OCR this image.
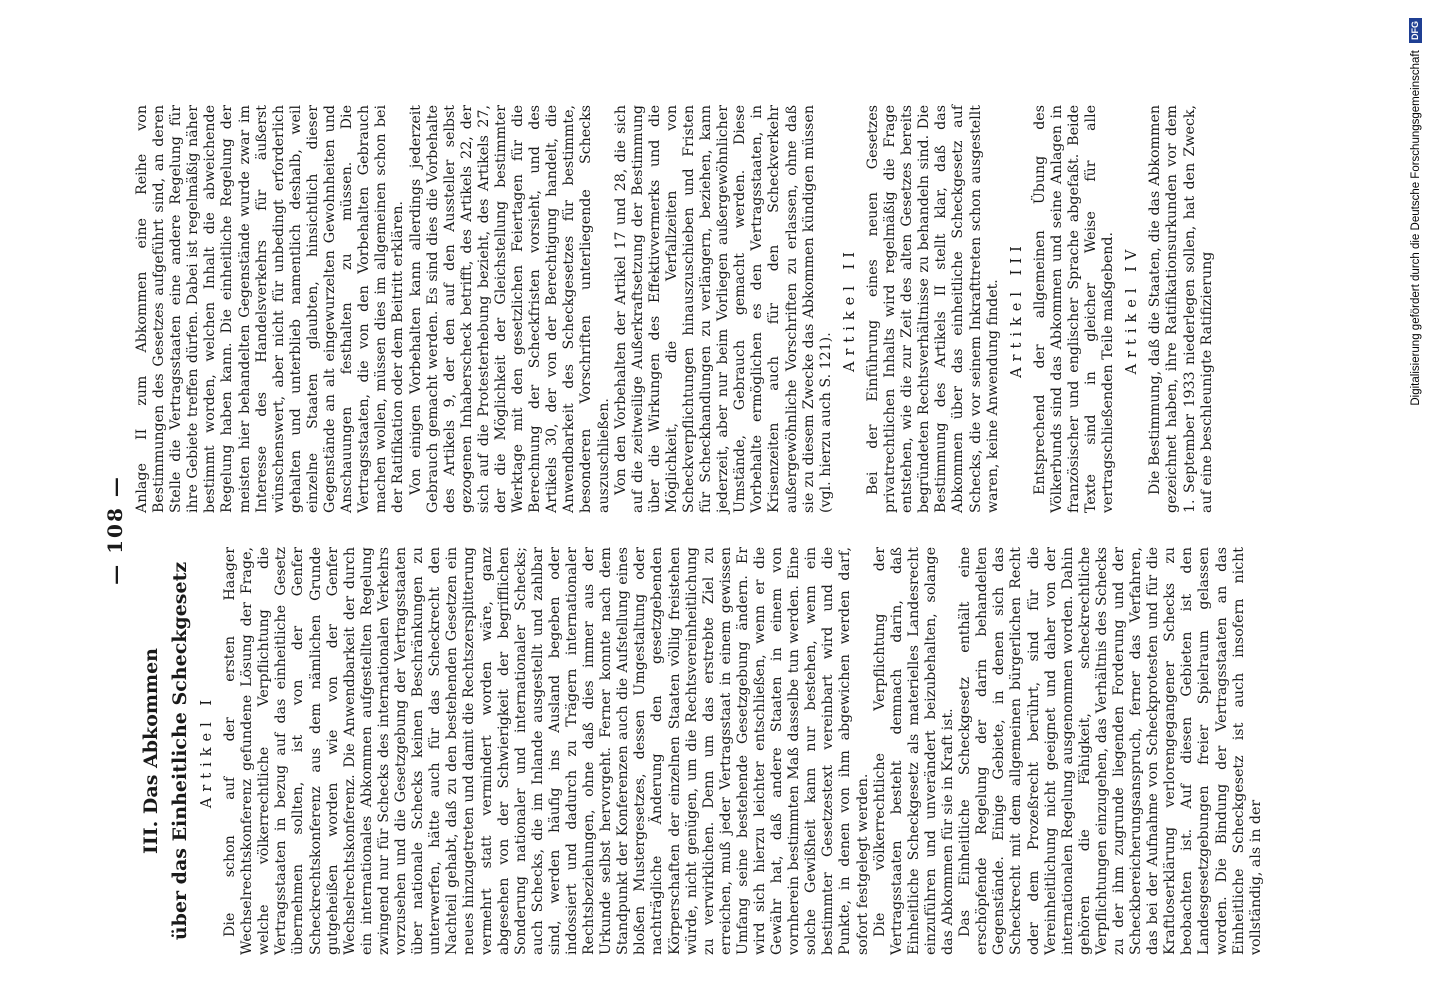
— 108 —
III. Das Abkommen über das Einheitliche Scheckgesetz Artikel I Die schon auf der ersten Haager Wechselrechtskonferenz gefundene Lösung der Frage, welche völkerrechtliche Verpflichtung die Vertragsstaaten in bezug auf das einheitliche Gesetz übernehmen sollten, ist von der Genfer Scheckrechtskonferenz aus dem nämlichen Grunde gutgeheißen worden wie von der Genfer Wechselrechtskonferenz. Die Anwendbarkeit der durch ein internationales Abkommen aufgestellten Regelung zwingend nur für Schecks des internationalen Verkehrs vorzusehen und die Gesetzgebung der Vertragsstaaten über nationale Schecks keinen Beschränkungen zu unterwerfen, hätte auch für das Scheckrecht den Nachteil gehabt, daß zu den bestehenden Gesetzen ein neues hinzugetreten und damit die Rechtszersplitterung vermehrt statt vermindert worden wäre, ganz abgesehen von der Schwierigkeit der begrifflichen Sonderung nationaler und internationaler Schecks; auch Schecks, die im Inlande ausgestellt und zahlbar sind, werden häufig ins Ausland begeben oder indossiert und dadurch zu Trägern internationaler Rechtsbeziehungen, ohne daß dies immer aus der Urkunde selbst hervorgeht. Ferner konnte nach dem Standpunkt der Konferenzen auch die Aufstellung eines bloßen Mustergesetzes, dessen Umgestaltung oder nachträgliche Änderung den gesetzgebenden Körperschaften der einzelnen Staaten völlig freistehen würde, nicht genügen, um die Rechtsvereinheitlichung zu verwirklichen. Denn um das erstrebte Ziel zu erreichen, muß jeder Vertragsstaat in einem gewissen Umfang seine bestehende Gesetzgebung ändern. Er wird sich hierzu leichter entschließen, wenn er die Gewähr hat, daß andere Staaten in einem von vornherein bestimmten Maß dasselbe tun werden. Eine solche Gewißheit kann nur bestehen, wenn ein bestimmter Gesetzestext vereinbart wird und die Punkte, in denen von ihm abgewichen werden darf, sofort festgelegt werden. Die völkerrechtliche Verpflichtung der Vertragsstaaten besteht demnach darin, daß Einheitliche Scheckgesetz als materielles Landesrecht einzuführen und unverändert beizubehalten, solange das Abkommen für sie in Kraft ist. Das Einheitliche Scheckgesetz enthält eine erschöpfende Regelung der darin behandelten Gegenstände. Einige Gebiete, in denen sich das Scheckrecht mit dem allgemeinen bürgerlichen Recht oder dem Prozeßrecht berührt, sind für die Vereinheitlichung nicht geeignet und daher von der internationalen Regelung ausgenommen worden. Dahin gehören die Fähigkeit, scheckrechtliche Verpflichtungen einzugehen, das Verhältnis des Schecks zu der ihm zugrunde liegenden Forderung und der Scheckbereicherungsanspruch, ferner das Verfahren, das bei der Aufnahme von Scheckprotesten und für die Kraftloserklärung verlorengegangener Schecks zu beobachten ist. Auf diesen Gebieten ist den Landesgesetzgebungen freier Spielraum gelassen worden. Die Bindung der Vertragsstaaten an das Einheitliche Scheckgesetz ist auch insofern nicht vollständig, als in der

Anlage II zum Abkommen eine Reihe von Bestimmungen des Gesetzes aufgeführt sind, an deren Stelle die Vertragsstaaten eine andere Regelung für ihre Gebiete treffen dürfen. Dabei ist regelmäßig näher bestimmt worden, welchen Inhalt die abweichende Regelung haben kann. Die einheitliche Regelung der meisten hier behandelten Gegenstände wurde zwar im Interesse des Handelsverkehrs für äußerst wünschenswert, aber nicht für unbedingt erforderlich gehalten und unterblieb namentlich deshalb, weil einzelne Staaten glaubten, hinsichtlich dieser Gegenstände an alt eingewurzelten Gewohnheiten und Anschauungen festhalten zu müssen. Die Vertragsstaaten, die von den Vorbehalten Gebrauch machen wollen, müssen dies im allgemeinen schon bei der Ratifikation oder dem Beitritt erklären. Von einigen Vorbehalten kann allerdings jederzeit Gebrauch gemacht werden. Es sind dies die Vorbehalte des Artikels 9, der den auf den Aussteller selbst gezogenen Inhaberscheck betrifft, des Artikels 22, der sich auf die Protesterhebung bezieht, des Artikels 27, der die Möglichkeit der Gleichstellung bestimmter Werktage mit den gesetzlichen Feiertagen für die Berechnung der Scheckfristen vorsieht, und des Artikels 30, der von der Berechtigung handelt, die Anwendbarkeit des Scheckgesetzes für bestimmte, besonderen Vorschriften unterliegende Schecks auszuschließen. Von den Vorbehalten der Artikel 17 und 28, die sich auf die zeitweilige Außerkraftsetzung der Bestimmung über die Wirkungen des Effektivvermerks und die Möglichkeit, die Verfallzeiten von Scheckverpflichtungen hinauszuschieben und Fristen für Scheckhandlungen zu verlängern, beziehen, kann jederzeit, aber nur beim Vorliegen außergewöhnlicher Umstände, Gebrauch gemacht werden. Diese Vorbehalte ermöglichen es den Vertragsstaaten, in Krisenzeiten auch für den Scheckverkehr außergewöhnliche Vorschriften zu erlassen, ohne daß sie zu diesem Zwecke das Abkommen kündigen müssen (vgl. hierzu auch S. 121).

Artikel II Bei der Einführung eines neuen Gesetzes privatrechtlichen Inhalts wird regelmäßig die Frage entstehen, wie die zur Zeit des alten Gesetzes bereits begründeten Rechtsverhältnisse zu behandeln sind. Die Bestimmung des Artikels II stellt klar, daß das Abkommen über das einheitliche Scheckgesetz auf Schecks, die vor seinem Inkrafttreten schon ausgestellt waren, keine Anwendung findet. Artikel III Entsprechend der allgemeinen Übung des Völkerbunds sind das Abkommen und seine Anlagen in französischer und englischer Sprache abgefaßt. Beide Texte sind in gleicher Weise für alle vertragschließenden Teile maßgebend. Artikel IV Die Bestimmung, daß die Staaten, die das Abkommen gezeichnet haben, ihre Ratifikationsurkunden vor dem 1. September 1933 niederlegen sollen, hat den Zweck, auf eine beschleunigte Ratifizierung	Digitalisierung gefördert durch die Deutsche Forschungsgemeinschaft DFG
